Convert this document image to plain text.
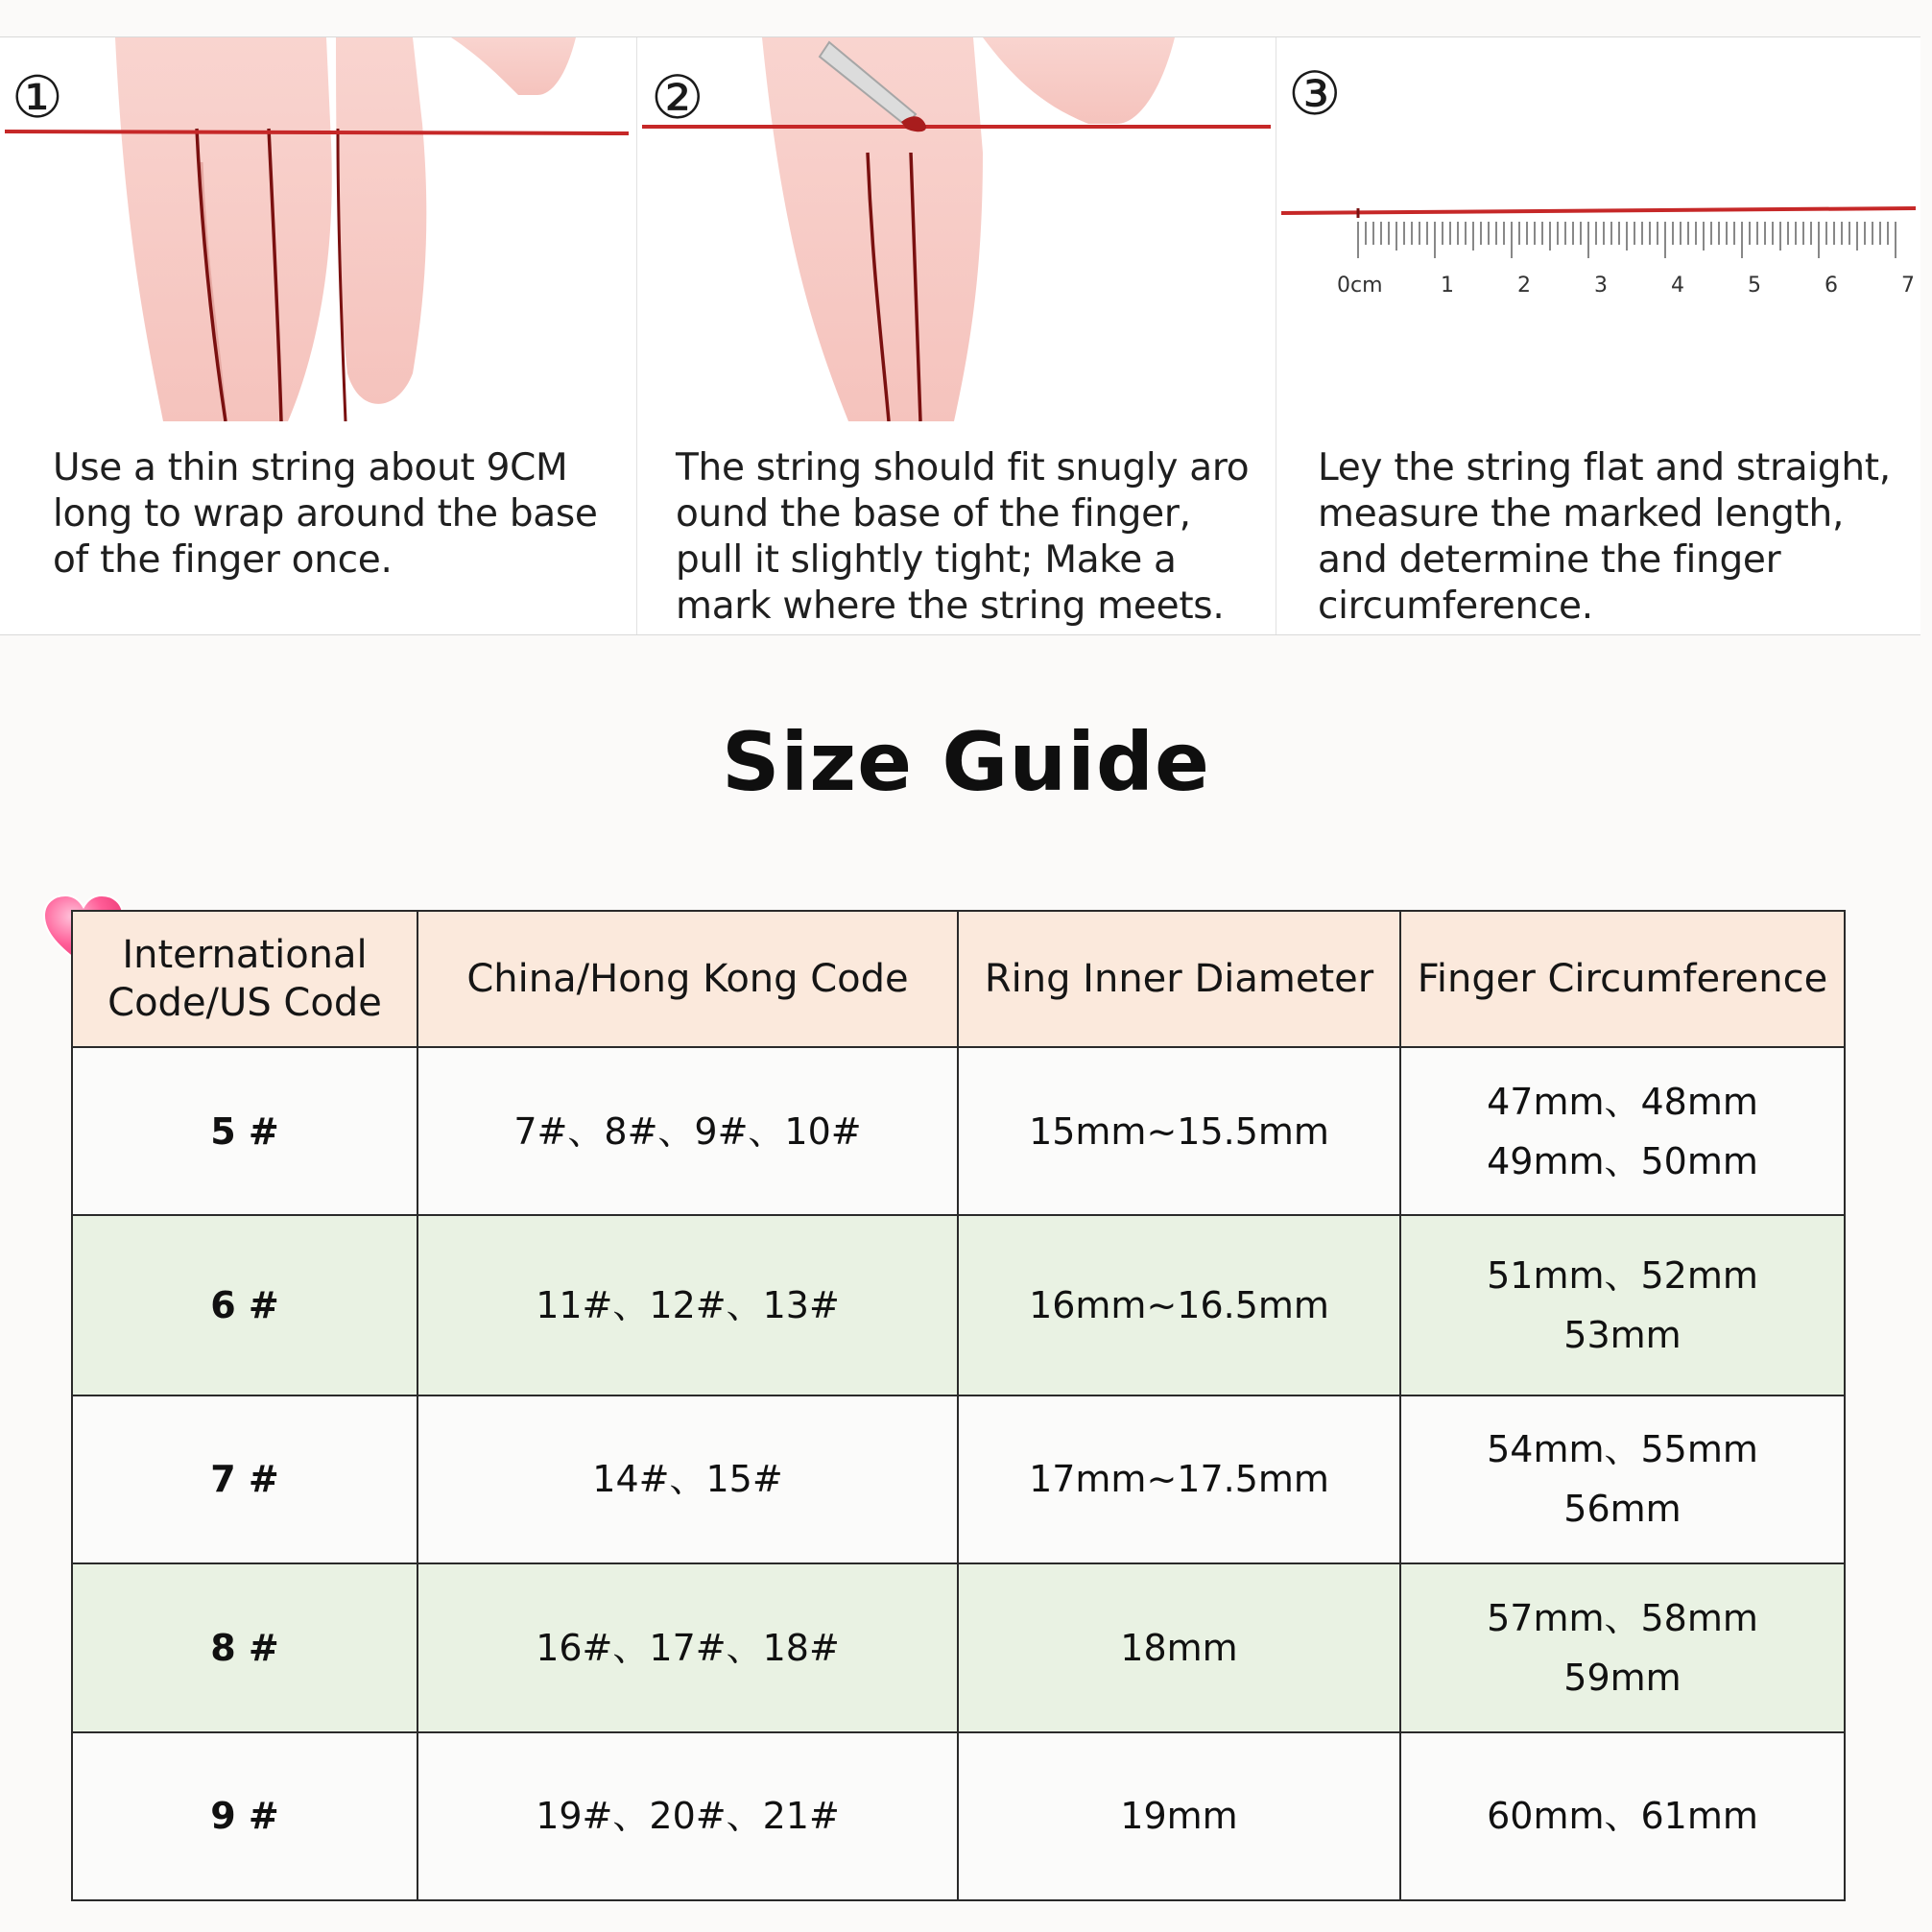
①
Use a thin string about 9CM long to wrap around the base of the finger once.
②
The string should fit snugly aro ound the base of the finger, pull it slightly tight; Make a mark where the string meets.
0cm	1	2	3	4	5	6	7
③
Ley the string flat and straight, measure the marked length, and determine the finger circumference.
Size Guide
International Code/US Code	China/Hong Kong Code	Ring Inner Diameter	Finger Circumference
5 #	7#、8#、9#、10#	15mm~15.5mm	47mm、48mm
49mm、50mm

6 #	11#、12#、13#	16mm~16.5mm	51mm、52mm
53mm

7 #	14#、15#	17mm~17.5mm	54mm、55mm
56mm

8 #	16#、17#、18#	18mm	57mm、58mm
59mm

9 #	19#、20#、21#	19mm	60mm、61mm
